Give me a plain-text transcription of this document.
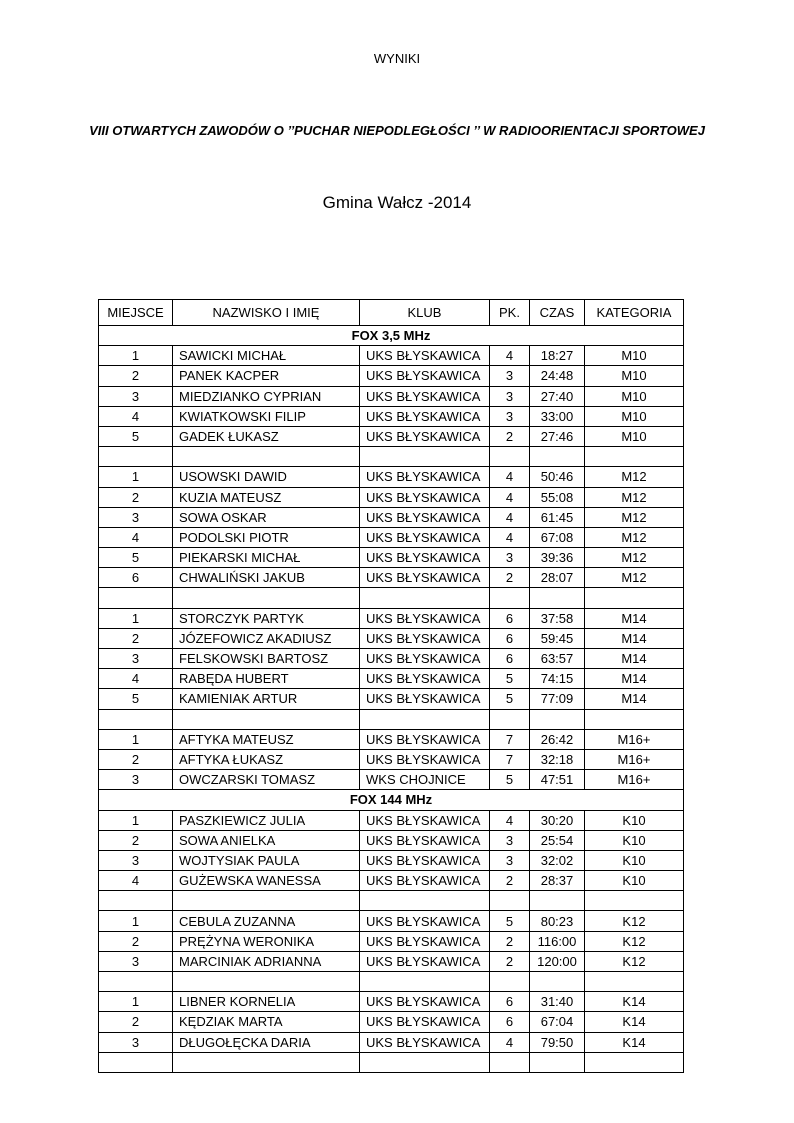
WYNIKI

VIII OTWARTYCH ZAWODÓW O ’’PUCHAR NIEPODLEGŁOŚCI ’’ W RADIOORIENTACJI SPORTOWEJ

Gmina Wałcz -2014

MIEJSCE	NAZWISKO I IMIĘ	KLUB	PK.	CZAS	KATEGORIA
FOX 3,5 MHz					
1	SAWICKI MICHAŁ	UKS BŁYSKAWICA	4	18:27	M10
2	PANEK KACPER	UKS BŁYSKAWICA	3	24:48	M10
3	MIEDZIANKO CYPRIAN	UKS BŁYSKAWICA	3	27:40	M10
4	KWIATKOWSKI FILIP	UKS BŁYSKAWICA	3	33:00	M10
5	GADEK ŁUKASZ	UKS BŁYSKAWICA	2	27:46	M10

1	USOWSKI DAWID	UKS BŁYSKAWICA	4	50:46	M12
2	KUZIA MATEUSZ	UKS BŁYSKAWICA	4	55:08	M12
3	SOWA OSKAR	UKS BŁYSKAWICA	4	61:45	M12
4	PODOLSKI PIOTR	UKS BŁYSKAWICA	4	67:08	M12
5	PIEKARSKI MICHAŁ	UKS BŁYSKAWICA	3	39:36	M12
6	CHWALIŃSKI JAKUB	UKS BŁYSKAWICA	2	28:07	M12

1	STORCZYK PARTYK	UKS BŁYSKAWICA	6	37:58	M14
2	JÓZEFOWICZ AKADIUSZ	UKS BŁYSKAWICA	6	59:45	M14
3	FELSKOWSKI BARTOSZ	UKS BŁYSKAWICA	6	63:57	M14
4	RABĘDA HUBERT	UKS BŁYSKAWICA	5	74:15	M14
5	KAMIENIAK ARTUR	UKS BŁYSKAWICA	5	77:09	M14

1	AFTYKA MATEUSZ	UKS BŁYSKAWICA	7	26:42	M16+
2	AFTYKA ŁUKASZ	UKS BŁYSKAWICA	7	32:18	M16+
3	OWCZARSKI TOMASZ	WKS CHOJNICE	5	47:51	M16+
FOX 144 MHz					
1	PASZKIEWICZ JULIA	UKS BŁYSKAWICA	4	30:20	K10
2	SOWA ANIELKA	UKS BŁYSKAWICA	3	25:54	K10
3	WOJTYSIAK PAULA	UKS BŁYSKAWICA	3	32:02	K10
4	GUŻEWSKA WANESSA	UKS BŁYSKAWICA	2	28:37	K10

1	CEBULA ZUZANNA	UKS BŁYSKAWICA	5	80:23	K12
2	PRĘŻYNA WERONIKA	UKS BŁYSKAWICA	2	116:00	K12
3	MARCINIAK ADRIANNA	UKS BŁYSKAWICA	2	120:00	K12

1	LIBNER KORNELIA	UKS BŁYSKAWICA	6	31:40	K14
2	KĘDZIAK MARTA	UKS BŁYSKAWICA	6	67:04	K14
3	DŁUGOŁĘCKA DARIA	UKS BŁYSKAWICA	4	79:50	K14
